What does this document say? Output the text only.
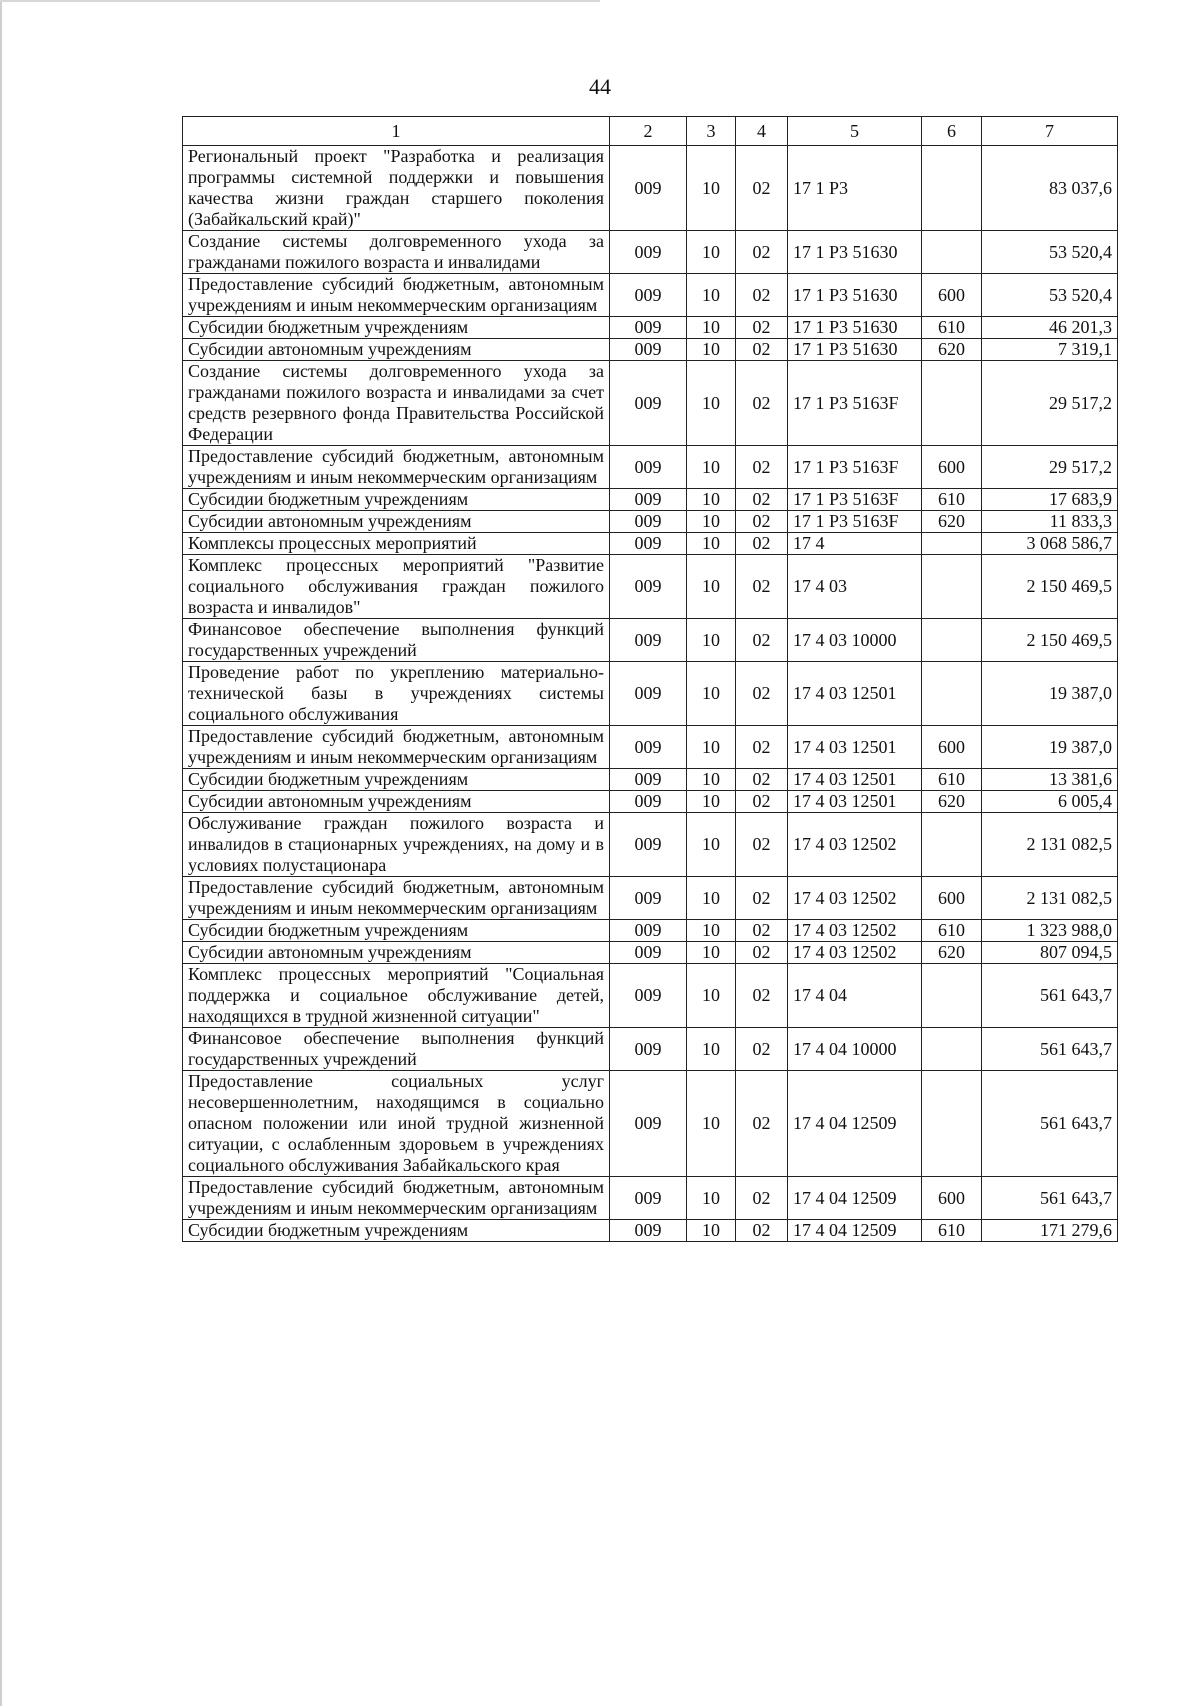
44
1	2	3	4	5	6	7
Региональный проект "Разработка и реализация программы системной поддержки и повышения качества жизни граждан старшего поколения (Забайкальский край)"	009	10	02	17 1 Р3		83 037,6
Создание системы долговременного ухода за гражданами пожилого возраста и инвалидами	009	10	02	17 1 Р3 51630		53 520,4
Предоставление субсидий бюджетным, автономным учреждениям и иным некоммерческим организациям	009	10	02	17 1 Р3 51630	600	53 520,4
Субсидии бюджетным учреждениям	009	10	02	17 1 Р3 51630	610	46 201,3
Субсидии автономным учреждениям	009	10	02	17 1 Р3 51630	620	7 319,1
Создание системы долговременного ухода за гражданами пожилого возраста и инвалидами за счет средств резервного фонда Правительства Российской Федерации	009	10	02	17 1 Р3 5163F		29 517,2
Предоставление субсидий бюджетным, автономным учреждениям и иным некоммерческим организациям	009	10	02	17 1 Р3 5163F	600	29 517,2
Субсидии бюджетным учреждениям	009	10	02	17 1 Р3 5163F	610	17 683,9
Субсидии автономным учреждениям	009	10	02	17 1 Р3 5163F	620	11 833,3
Комплексы процессных мероприятий	009	10	02	17 4		3 068 586,7
Комплекс процессных мероприятий "Развитие социального обслуживания граждан пожилого возраста и инвалидов"	009	10	02	17 4 03		2 150 469,5
Финансовое обеспечение выполнения функций государственных учреждений	009	10	02	17 4 03 10000		2 150 469,5
Проведение работ по укреплению материально-технической базы в учреждениях системы социального обслуживания	009	10	02	17 4 03 12501		19 387,0
Предоставление субсидий бюджетным, автономным учреждениям и иным некоммерческим организациям	009	10	02	17 4 03 12501	600	19 387,0
Субсидии бюджетным учреждениям	009	10	02	17 4 03 12501	610	13 381,6
Субсидии автономным учреждениям	009	10	02	17 4 03 12501	620	6 005,4
Обслуживание граждан пожилого возраста и инвалидов в стационарных учреждениях, на дому и в условиях полустационара	009	10	02	17 4 03 12502		2 131 082,5
Предоставление субсидий бюджетным, автономным учреждениям и иным некоммерческим организациям	009	10	02	17 4 03 12502	600	2 131 082,5
Субсидии бюджетным учреждениям	009	10	02	17 4 03 12502	610	1 323 988,0
Субсидии автономным учреждениям	009	10	02	17 4 03 12502	620	807 094,5
Комплекс процессных мероприятий "Социальная поддержка и социальное обслуживание детей, находящихся в трудной жизненной ситуации"	009	10	02	17 4 04		561 643,7
Финансовое обеспечение выполнения функций государственных учреждений	009	10	02	17 4 04 10000		561 643,7
Предоставление социальных услуг несовершеннолетним, находящимся в социально опасном положении или иной трудной жизненной ситуации, с ослабленным здоровьем в учреждениях социального обслуживания Забайкальского края	009	10	02	17 4 04 12509		561 643,7
Предоставление субсидий бюджетным, автономным учреждениям и иным некоммерческим организациям	009	10	02	17 4 04 12509	600	561 643,7
Субсидии бюджетным учреждениям	009	10	02	17 4 04 12509	610	171 279,6
